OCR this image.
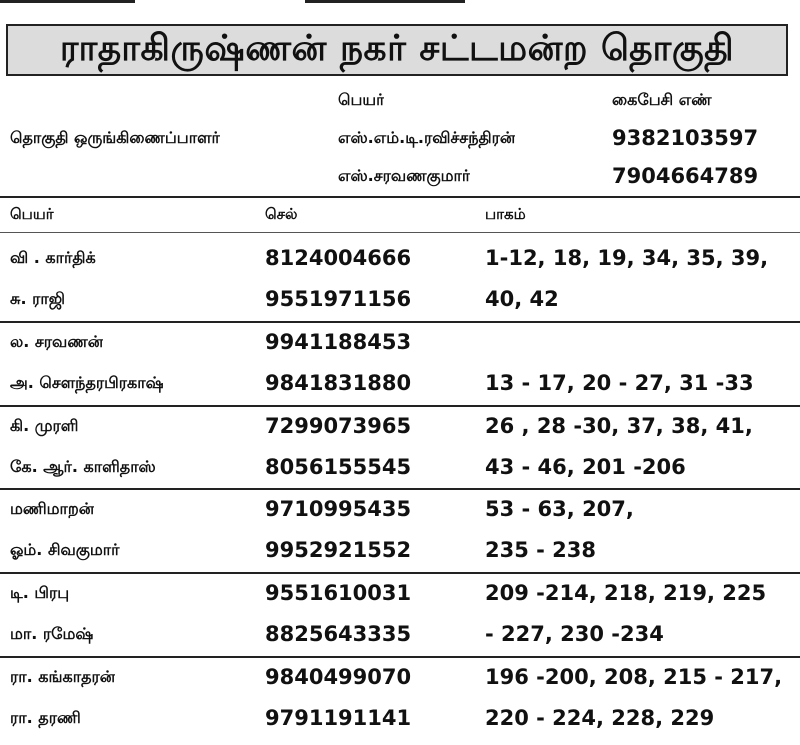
ராதாகிருஷ்ணன் நகர் சட்டமன்ற தொகுதி
பெயர்	கைபேசி எண்
தொகுதி ஒருங்கிணைப்பாளர்	எஸ்.எம்.டி.ரவிச்சந்திரன்	9382103597
எஸ்.சரவணகுமார்	7904664789
பெயர்	செல்	பாகம்
வி . கார்திக்	8124004666	1-12, 18, 19, 34, 35, 39,
சு. ராஜி	9551971156	40, 42
ல. சரவணன்	9941188453
அ. சௌந்தரபிரகாஷ்	9841831880	13 - 17, 20 - 27, 31 -33
கி. முரளி	7299073965	26 , 28 -30, 37, 38, 41,
கே. ஆர். காளிதாஸ்	8056155545	43 - 46, 201 -206
மணிமாறன்	9710995435	53 - 63, 207,
ஓம். சிவகுமார்	9952921552	235 - 238
டி. பிரபு	9551610031	209 -214, 218, 219, 225
மா. ரமேஷ்	8825643335	- 227, 230 -234
ரா. கங்காதரன்	9840499070	196 -200, 208, 215 - 217,
ரா. தரணி	9791191141	220 - 224, 228, 229
